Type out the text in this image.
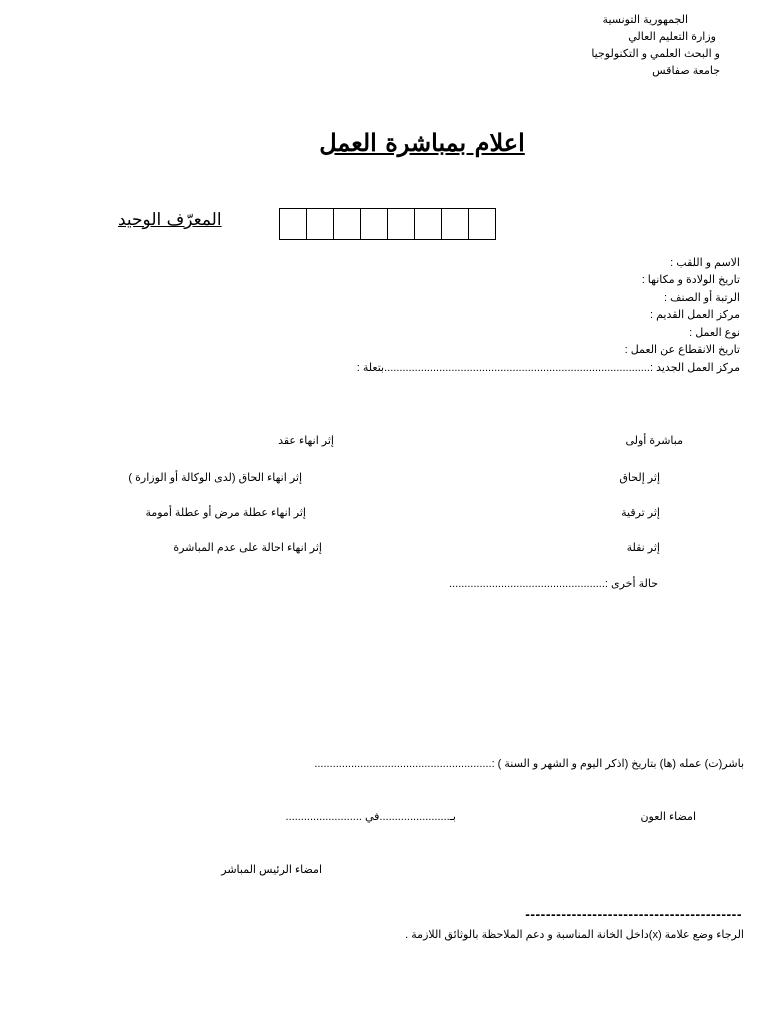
الجمهورية التونسية
وزارة التعليم العالي
و البحث العلمي و التكنولوجيا
جامعة صفاقس
اعلام بمباشرة العمل
المعرّف الوحيد
الاسم و اللقب :
تاريخ الولادة و مكانها :
الرتبة أو الصنف :
مركز العمل القديم :
نوع العمل :
تاريخ الانقطاع عن العمل :
مركز العمل الجديد :.......................................................................................بتعلة :
مباشرة أولى
إثر إلحاق
إثر ترقية
إثر نقلة
حالة أخرى :...................................................
إثر انهاء عقد
إثر انهاء الحاق (لدى الوكالة أو الوزارة )
إثر انهاء عطلة مرض أو عطلة أمومة
إثر انهاء احالة على عدم المباشرة
باشر(ت) عمله (ها) بتاريخ (اذكر اليوم و الشهر و السنة ) :..........................................................
امضاء العون
بـ.......................في .........................
امضاء الرئيس المباشر
------------------------------------------
الرجاء وضع علامة (x)داخل الخانة المناسبة و دعم الملاحظة بالوثائق اللازمة .
